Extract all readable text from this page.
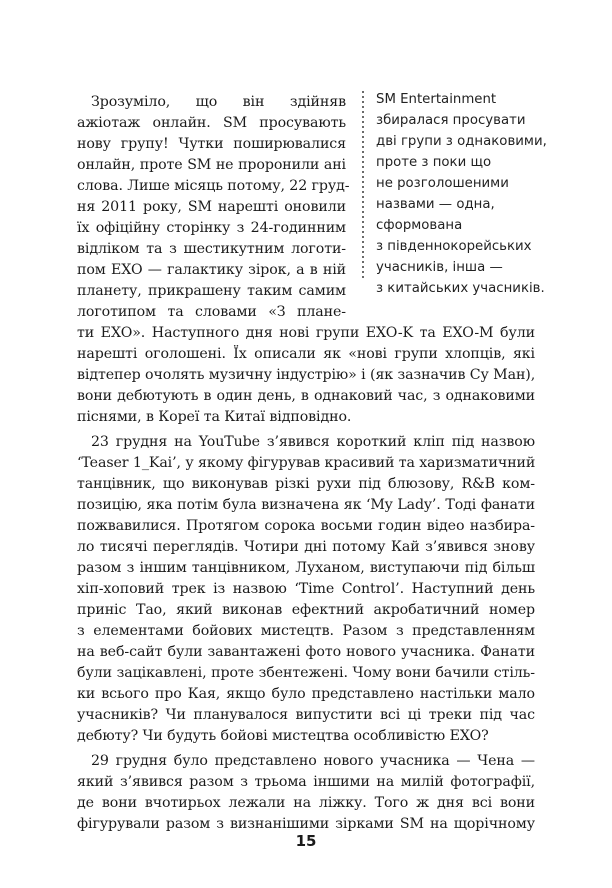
Зрозуміло, що він здійняв
ажіотаж онлайн. SM просувають
нову групу! Чутки поширювалися
онлайн, проте SM не проронили ані
слова. Лише місяць потому, 22 груд-
ня 2011 року, SM нарешті оновили
їх офіційну сторінку з 24-годинним
відліком та з шестикутним логоти-
пом EXO — галактику зірок, а в ній
планету, прикрашену таким самим
логотипом та словами «З плане-
ти EXO». Наступного дня нові групи EXO-K та EXO-M були
нарешті оголошені. Їх описали як «нові групи хлопців, які
відтепер очолять музичну індустрію» і (як зазначив Су Ман),
вони дебютують в один день, в однаковий час, з однаковими
піснями, в Кореї та Китаї відповідно.
23 грудня на YouTube з’явився короткий кліп під назвою
‘Teaser 1_Kai’, у якому фігурував красивий та харизматичний
танцівник, що виконував різкі рухи під блюзову, R&B ком-
позицію, яка потім була визначена як ‘My Lady’. Тоді фанати
пожвавилися. Протягом сорока восьми годин відео назбира-
ло тисячі переглядів. Чотири дні потому Кай з’явився знову
разом з іншим танцівником, Луханом, виступаючи під більш
хіп-хоповий трек із назвою ‘Time Control’. Наступний день
приніс Тао, який виконав ефектний акробатичний номер
з елементами бойових мистецтв. Разом з представленням
на веб-сайт були завантажені фото нового учасника. Фанати
були зацікавлені, проте збентежені. Чому вони бачили стіль-
ки всього про Кая, якщо було представлено настільки мало
учасників? Чи планувалося випустити всі ці треки під час
дебюту? Чи будуть бойові мистецтва особливістю EXO?
29 грудня було представлено нового учасника — Чена —
який з’явився разом з трьома іншими на милій фотографії,
де вони вчотирьох лежали на ліжку. Того ж дня всі вони
фігурували разом з визнанішими зірками SM на щорічному
SM Entertainment
збиралася просувати
дві групи з однаковими,
проте з поки що
не розголошеними
назвами — одна,
сформована
з південнокорейських
учасників, інша —
з китайських учасників.
15
